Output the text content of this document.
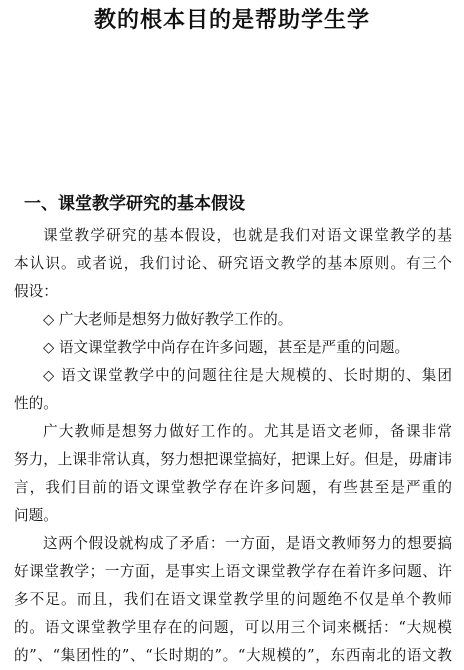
教的根本目的是帮助学生学
一、课堂教学研究的基本假设

课堂教学研究的基本假设，也就是我们对语文课堂教学的基
本认识。或者说，我们讨论、研究语文教学的基本原则。有三个
假设：

◇ 广大老师是想努力做好教学工作的。

◇ 语文课堂教学中尚存在许多问题，甚至是严重的问题。

◇ 语文课堂教学中的问题往往是大规模的、长时期的、集团
性的。

广大教师是想努力做好工作的。尤其是语文老师，备课非常
努力，上课非常认真，努力想把课堂搞好，把课上好。但是，毋庸讳
言，我们目前的语文课堂教学存在许多问题，有些甚至是严重的
问题。

这两个假设就构成了矛盾：一方面，是语文教师努力的想要搞
好课堂教学；一方面，是事实上语文课堂教学存在着许多问题、许
多不足。而且，我们在语文课堂教学里的问题绝不仅是单个教师
的。语文课堂教学里存在的问题，可以用三个词来概括：“大规模
的”、“集团性的”、“长时期的”。“大规模的”，东西南北的语文教
